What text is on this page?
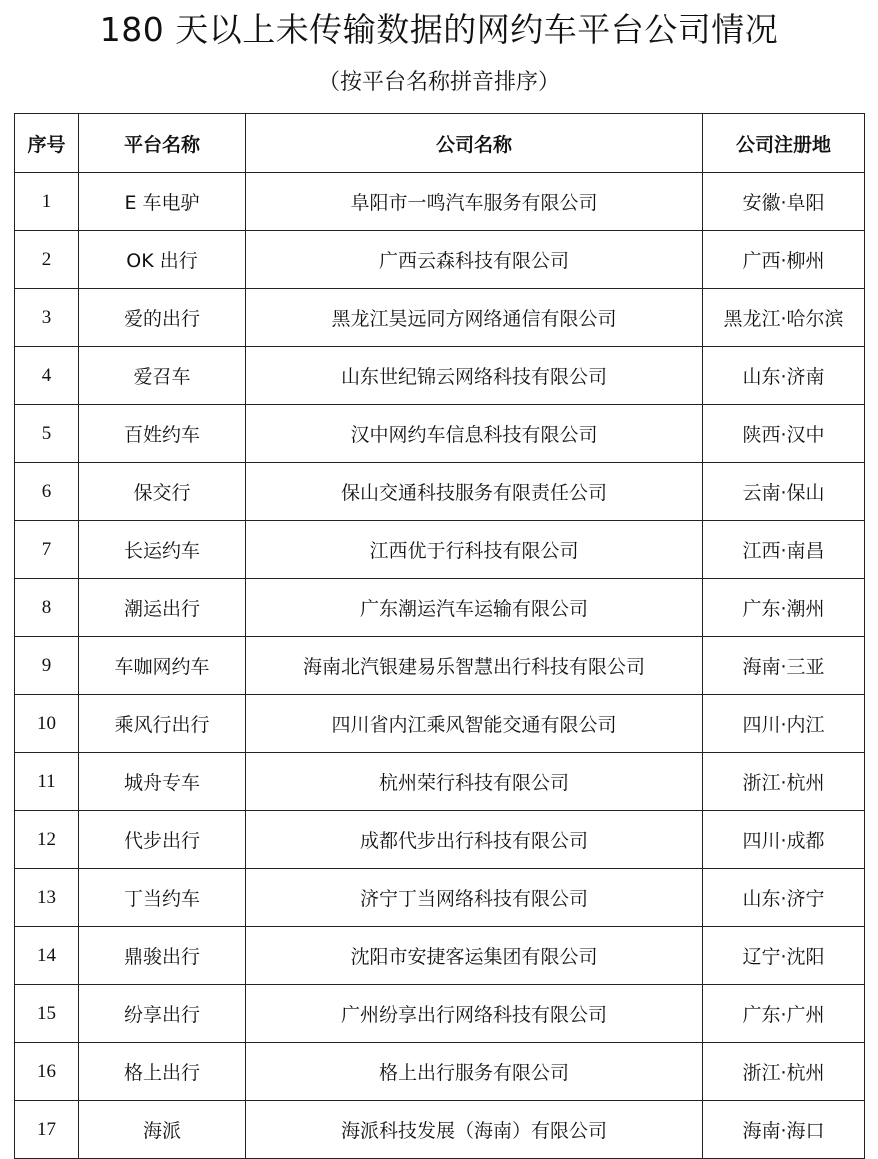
180 天以上未传输数据的网约车平台公司情况
（按平台名称拼音排序）
序号	平台名称	公司名称	公司注册地
1	E 车电驴	阜阳市一鸣汽车服务有限公司	安徽·阜阳
2	OK 出行	广西云森科技有限公司	广西·柳州
3	爱的出行	黑龙江昊远同方网络通信有限公司	黑龙江·哈尔滨
4	爱召车	山东世纪锦云网络科技有限公司	山东·济南
5	百姓约车	汉中网约车信息科技有限公司	陕西·汉中
6	保交行	保山交通科技服务有限责任公司	云南·保山
7	长运约车	江西优于行科技有限公司	江西·南昌
8	潮运出行	广东潮运汽车运输有限公司	广东·潮州
9	车咖网约车	海南北汽银建易乐智慧出行科技有限公司	海南·三亚
10	乘风行出行	四川省内江乘风智能交通有限公司	四川·内江
11	城舟专车	杭州荣行科技有限公司	浙江·杭州
12	代步出行	成都代步出行科技有限公司	四川·成都
13	丁当约车	济宁丁当网络科技有限公司	山东·济宁
14	鼎骏出行	沈阳市安捷客运集团有限公司	辽宁·沈阳
15	纷享出行	广州纷享出行网络科技有限公司	广东·广州
16	格上出行	格上出行服务有限公司	浙江·杭州
17	海派	海派科技发展（海南）有限公司	海南·海口
